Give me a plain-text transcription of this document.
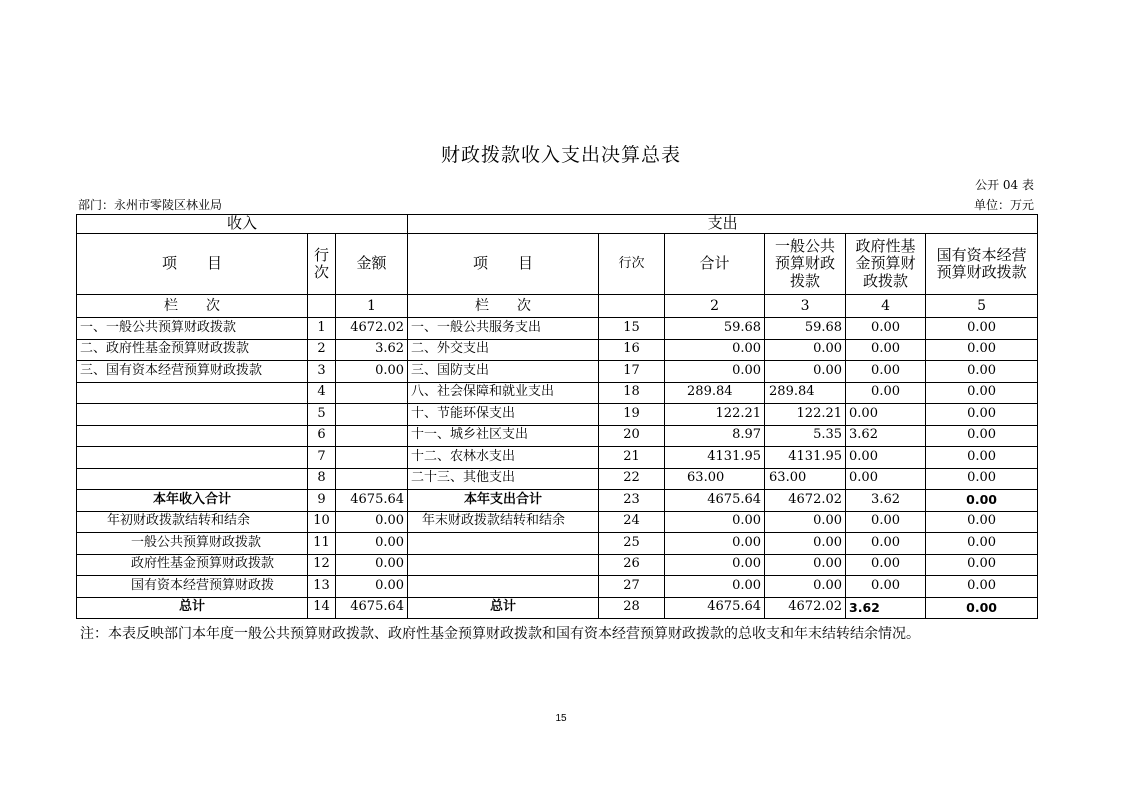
财政拨款收入支出决算总表
公开 04 表
部门：永州市零陵区林业局	单位：万元
收入			支出					
项　　目	行次	金额	项　　目	行次	合计	一般公共预算财政拨款	政府性基金预算财政拨款	国有资本经营预算财政拨款
栏　　次		1	栏　　次		2	3	4	5
一、一般公共预算财政拨款	1	4672.02	一、一般公共服务支出	15	59.68	59.68	0.00	0.00
二、政府性基金预算财政拨款	2	3.62	二、外交支出	16	0.00	0.00	0.00	0.00
三、国有资本经营预算财政拨款	3	0.00	三、国防支出	17	0.00	0.00	0.00	0.00
	4		八、社会保障和就业支出	18	289.84	289.84	0.00	0.00
	5		十、节能环保支出	19	122.21	122.21	0.00	0.00
	6		十一、城乡社区支出	20	8.97	5.35	3.62	0.00
	7		十二、农林水支出	21	4131.95	4131.95	0.00	0.00
	8		二十三、其他支出	22	63.00	63.00	0.00	0.00
本年收入合计	9	4675.64	本年支出合计	23	4675.64	4672.02	3.62	0.00
年初财政拨款结转和结余	10	0.00	年末财政拨款结转和结余	24	0.00	0.00	0.00	0.00
一般公共预算财政拨款	11	0.00		25	0.00	0.00	0.00	0.00
政府性基金预算财政拨款	12	0.00		26	0.00	0.00	0.00	0.00
国有资本经营预算财政拨	13	0.00		27	0.00	0.00	0.00	0.00
总计	14	4675.64	总计	28	4675.64	4672.02	3.62	0.00
注：本表反映部门本年度一般公共预算财政拨款、政府性基金预算财政拨款和国有资本经营预算财政拨款的总收支和年末结转结余情况。
15
